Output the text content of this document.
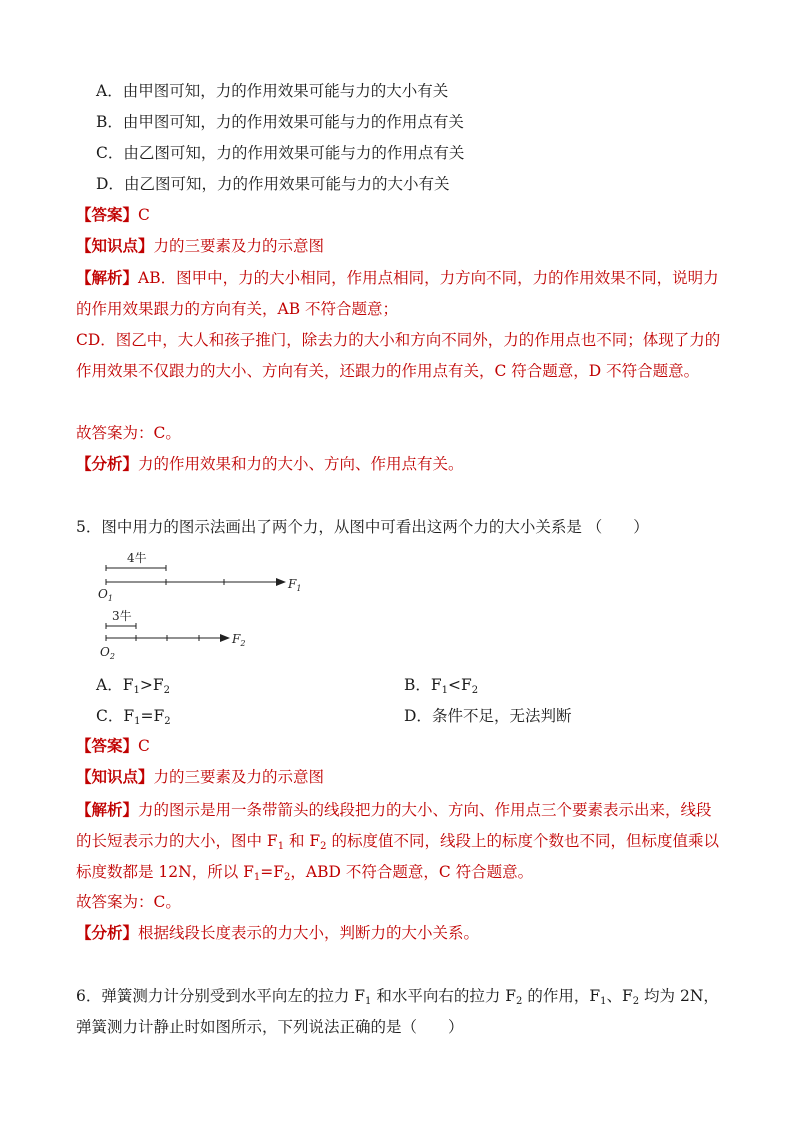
A．由甲图可知，力的作用效果可能与力的大小有关
B．由甲图可知，力的作用效果可能与力的作用点有关
C．由乙图可知，力的作用效果可能与力的作用点有关
D．由乙图可知，力的作用效果可能与力的大小有关
【答案】C
【知识点】力的三要素及力的示意图
【解析】AB．图甲中，力的大小相同，作用点相同，力方向不同，力的作用效果不同，说明力的作用效果跟力的方向有关，AB 不符合题意；
CD．图乙中，大人和孩子推门，除去力的大小和方向不同外，力的作用点也不同；体现了力的作用效果不仅跟力的大小、方向有关，还跟力的作用点有关，C 符合题意，D 不符合题意。
故答案为：C。
【分析】力的作用效果和力的大小、方向、作用点有关。
5．图中用力的图示法画出了两个力，从图中可看出这两个力的大小关系是 （　　）
4牛
$O_1$
$F_1$
3牛
$O_2$
$F_2$
A．$F_1>F_2$	B．$F_1<F_2$
C．$F_1=F_2$	D．条件不足，无法判断
【答案】C
【知识点】力的三要素及力的示意图
【解析】力的图示是用一条带箭头的线段把力的大小、方向、作用点三个要素表示出来，线段的长短表示力的大小，图中 $F_1$ 和 $F_2$ 的标度值不同，线段上的标度个数也不同，但标度值乘以标度数都是 12N，所以 $F_1=F_2$，ABD 不符合题意，C 符合题意。
故答案为：C。
【分析】根据线段长度表示的力大小，判断力的大小关系。
6．弹簧测力计分别受到水平向左的拉力 $F_1$ 和水平向右的拉力 $F_2$ 的作用，$F_1$、$F_2$ 均为 2N，
弹簧测力计静止时如图所示，下列说法正确的是（　　）
